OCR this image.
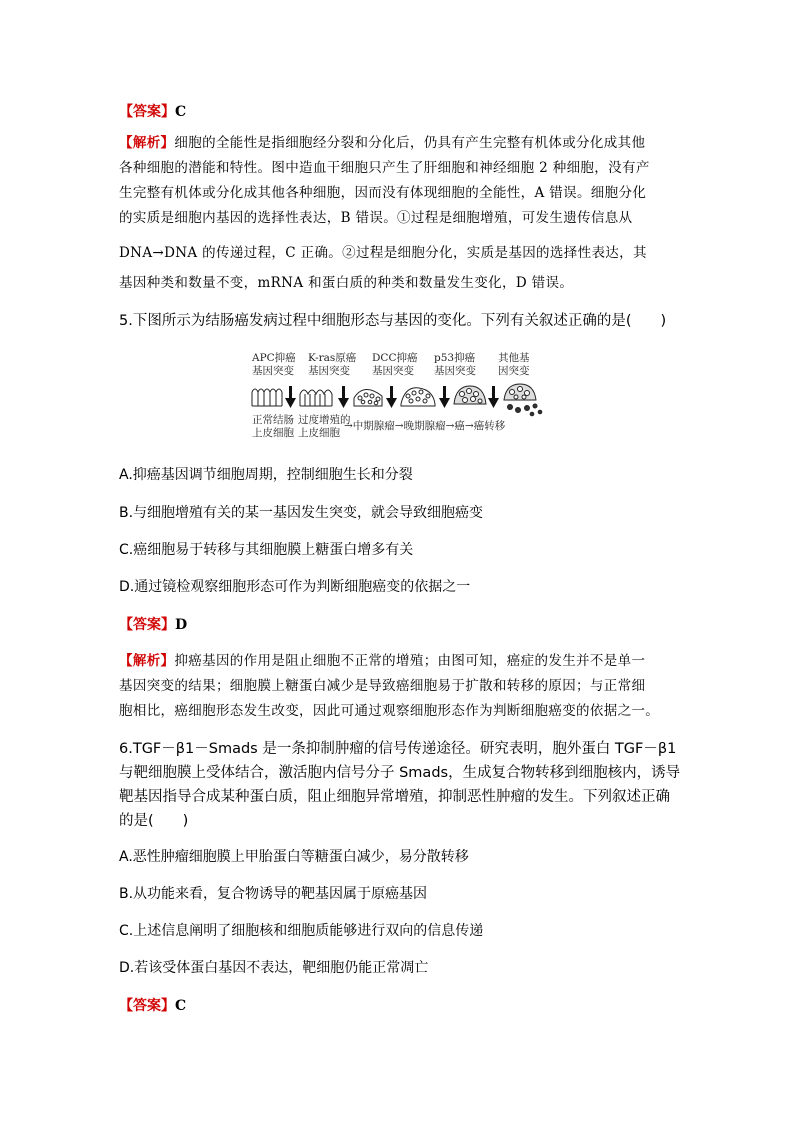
【答案】C
【解析】细胞的全能性是指细胞经分裂和分化后，仍具有产生完整有机体或分化成其他
各种细胞的潜能和特性。图中造血干细胞只产生了肝细胞和神经细胞 2 种细胞，没有产
生完整有机体或分化成其他各种细胞，因而没有体现细胞的全能性，A 错误。细胞分化
的实质是细胞内基因的选择性表达，B 错误。①过程是细胞增殖，可发生遗传信息从
DNA→DNA 的传递过程，C 正确。②过程是细胞分化，实质是基因的选择性表达，其
基因种类和数量不变，mRNA 和蛋白质的种类和数量发生变化，D 错误。
5.下图所示为结肠癌发病过程中细胞形态与基因的变化。下列有关叙述正确的是(　　)
APC抑癌
基因突变
K-ras原癌
基因突变
DCC抑癌
基因突变
p53抑癌
基因突变
其他基
因突变
正常结肠
上皮细胞
过度增殖的
上皮细胞
→中期腺瘤→晚期腺瘤→癌→癌转移
A.抑癌基因调节细胞周期，控制细胞生长和分裂
B.与细胞增殖有关的某一基因发生突变，就会导致细胞癌变
C.癌细胞易于转移与其细胞膜上糖蛋白增多有关
D.通过镜检观察细胞形态可作为判断细胞癌变的依据之一
【答案】D
【解析】抑癌基因的作用是阻止细胞不正常的增殖；由图可知，癌症的发生并不是单一
基因突变的结果；细胞膜上糖蛋白减少是导致癌细胞易于扩散和转移的原因；与正常细
胞相比，癌细胞形态发生改变，因此可通过观察细胞形态作为判断细胞癌变的依据之一。
6.TGF－β1－Smads 是一条抑制肿瘤的信号传递途径。研究表明，胞外蛋白 TGF－β1
与靶细胞膜上受体结合，激活胞内信号分子 Smads，生成复合物转移到细胞核内，诱导
靶基因指导合成某种蛋白质，阻止细胞异常增殖，抑制恶性肿瘤的发生。下列叙述正确
的是(　　)
A.恶性肿瘤细胞膜上甲胎蛋白等糖蛋白减少，易分散转移
B.从功能来看，复合物诱导的靶基因属于原癌基因
C.上述信息阐明了细胞核和细胞质能够进行双向的信息传递
D.若该受体蛋白基因不表达，靶细胞仍能正常凋亡
【答案】C
